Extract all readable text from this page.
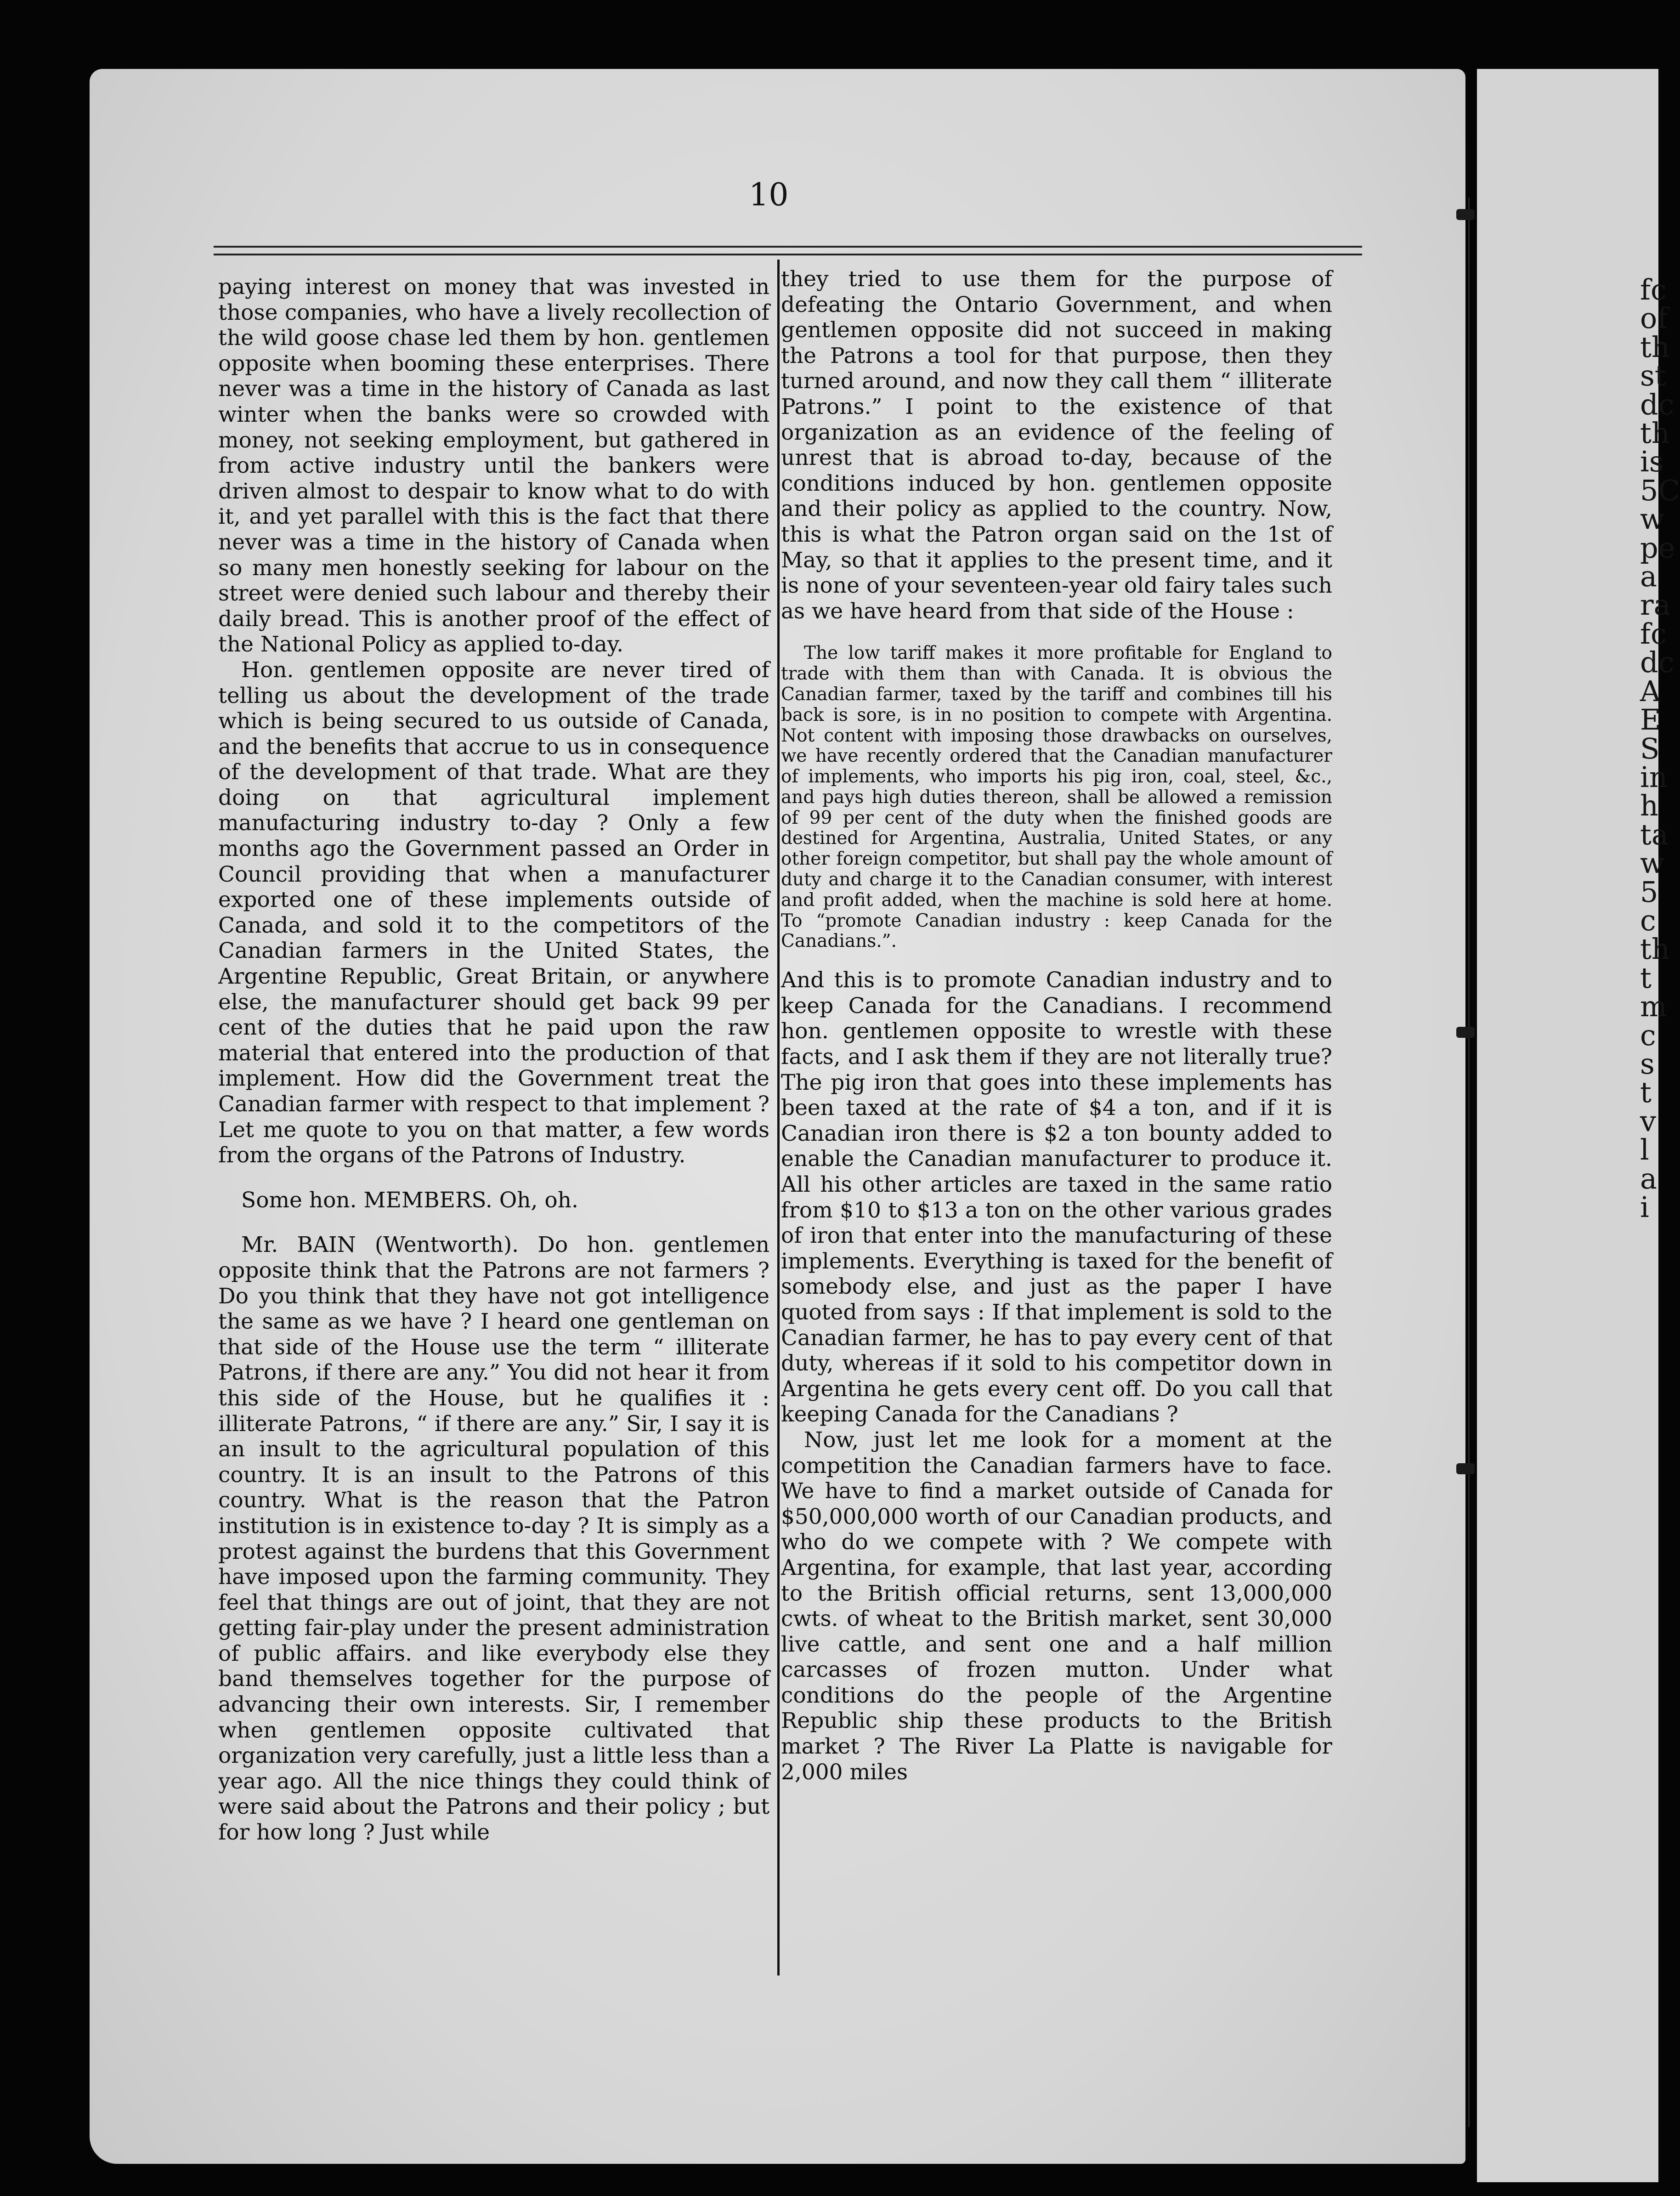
fc
of
th
st
dc
th
is
5C
w
pe
a
ra
fc
dc
A
E
S
in
h
ta
w
5
c
th
t
m
c
s
t
v
l
a
i
10

paying interest on money that was invested in those companies, who have a lively recollection of the wild goose chase led them by hon. gentlemen opposite when booming these enterprises. There never was a time in the history of Canada as last winter when the banks were so crowded with money, not seeking employment, but gathered in from active industry until the bankers were driven almost to despair to know what to do with it, and yet parallel with this is the fact that there never was a time in the history of Canada when so many men honestly seeking for labour on the street were denied such labour and thereby their daily bread. This is another proof of the effect of the National Policy as applied to-day.

Hon. gentlemen opposite are never tired of telling us about the development of the trade which is being secured to us outside of Canada, and the benefits that accrue to us in consequence of the development of that trade. What are they doing on that agricultural implement manufacturing industry to-day ? Only a few months ago the Government passed an Order in Council providing that when a manufacturer exported one of these implements outside of Canada, and sold it to the competitors of the Canadian farmers in the United States, the Argentine Republic, Great Britain, or anywhere else, the manufacturer should get back 99 per cent of the duties that he paid upon the raw material that entered into the production of that implement. How did the Government treat the Canadian farmer with respect to that implement ? Let me quote to you on that matter, a few words from the organs of the Patrons of Industry.

Some hon. MEMBERS. Oh, oh.

Mr. BAIN (Wentworth). Do hon. gentlemen opposite think that the Patrons are not farmers ? Do you think that they have not got intelligence the same as we have ? I heard one gentleman on that side of the House use the term “ illiterate Patrons, if there are any.” You did not hear it from this side of the House, but he qualifies it : illiterate Patrons, “ if there are any.” Sir, I say it is an insult to the agricultural population of this country. It is an insult to the Patrons of this country. What is the reason that the Patron institution is in existence to-day ? It is simply as a protest against the burdens that this Government have imposed upon the farming community. They feel that things are out of joint, that they are not getting fair-play under the present administration of public affairs. and like everybody else they band themselves together for the purpose of advancing their own interests. Sir, I remember when gentlemen opposite cultivated that organization very carefully, just a little less than a year ago. All the nice things they could think of were said about the Patrons and their policy ; but for how long ? Just while

they tried to use them for the purpose of defeating the Ontario Government, and when gentlemen opposite did not succeed in making the Patrons a tool for that purpose, then they turned around, and now they call them “ illiterate Patrons.” I point to the existence of that organization as an evidence of the feeling of unrest that is abroad to-day, because of the conditions induced by hon. gentlemen opposite and their policy as applied to the country. Now, this is what the Patron organ said on the 1st of May, so that it applies to the present time, and it is none of your seventeen-year old fairy tales such as we have heard from that side of the House :

The low tariff makes it more profitable for England to trade with them than with Canada. It is obvious the Canadian farmer, taxed by the tariff and combines till his back is sore, is in no position to compete with Argentina. Not content with imposing those drawbacks on ourselves, we have recently ordered that the Canadian manufacturer of implements, who imports his pig iron, coal, steel, &c., and pays high duties thereon, shall be allowed a remission of 99 per cent of the duty when the finished goods are destined for Argentina, Australia, United States, or any other foreign competitor, but shall pay the whole amount of duty and charge it to the Canadian consumer, with interest and profit added, when the machine is sold here at home. To “promote Canadian industry : keep Canada for the Canadians.”.

And this is to promote Canadian industry and to keep Canada for the Canadians. I recommend hon. gentlemen opposite to wrestle with these facts, and I ask them if they are not literally true? The pig iron that goes into these implements has been taxed at the rate of $4 a ton, and if it is Canadian iron there is $2 a ton bounty added to enable the Canadian manufacturer to produce it. All his other articles are taxed in the same ratio from $10 to $13 a ton on the other various grades of iron that enter into the manufacturing of these implements. Everything is taxed for the benefit of somebody else, and just as the paper I have quoted from says : If that implement is sold to the Canadian farmer, he has to pay every cent of that duty, whereas if it sold to his competitor down in Argentina he gets every cent off. Do you call that keeping Canada for the Canadians ?

Now, just let me look for a moment at the competition the Canadian farmers have to face. We have to find a market outside of Canada for $50,000,000 worth of our Canadian products, and who do we compete with ? We compete with Argentina, for example, that last year, according to the British official returns, sent 13,000,000 cwts. of wheat to the British market, sent 30,000 live cattle, and sent one and a half million carcasses of frozen mutton. Under what conditions do the people of the Argentine Republic ship these products to the British market ? The River La Platte is navigable for 2,000 miles
